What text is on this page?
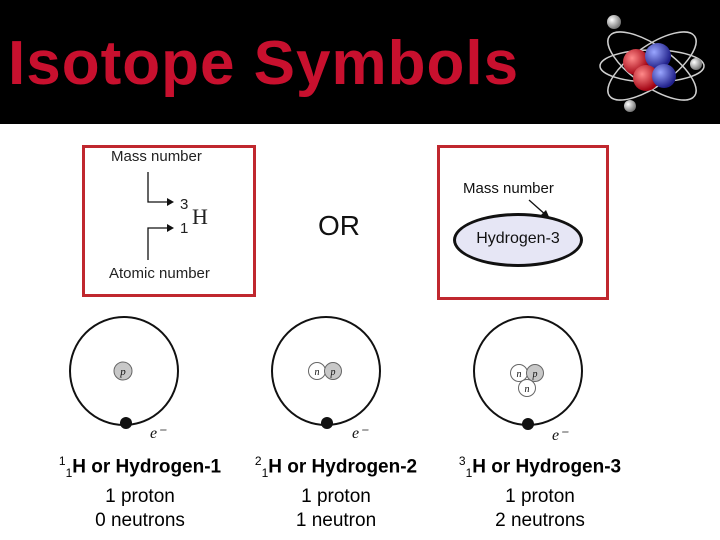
Isotope Symbols
Mass number
Atomic number
3
1 H	OR
Mass number
Hydrogen-3
p
e⁻
n p
e⁻
n p
n
e⁻
$^1_1$H or Hydrogen-1
1 proton
0 neutrons
$^2_1$H or Hydrogen-2
1 proton
1 neutron
$^3_1$H or Hydrogen-3
1 proton
2 neutrons
